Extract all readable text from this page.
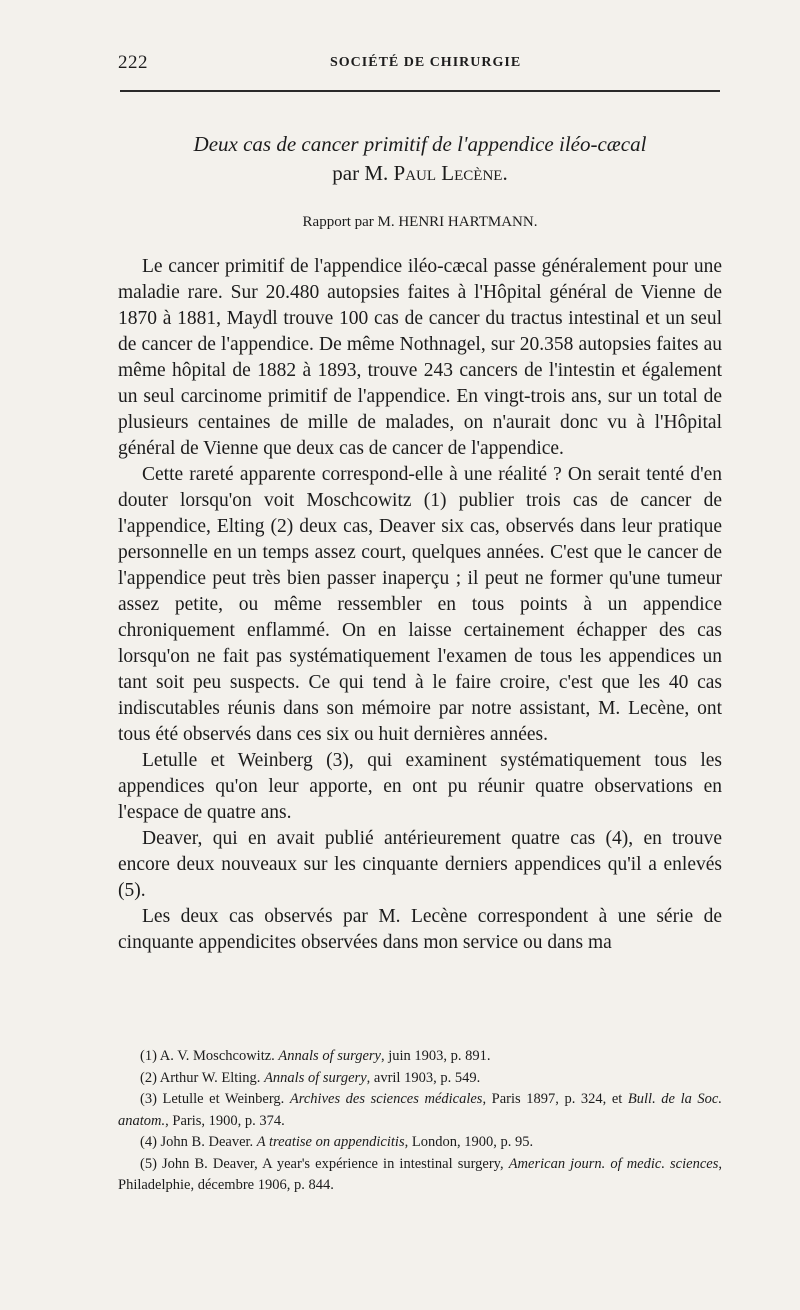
222	SOCIÉTÉ DE CHIRURGIE
Deux cas de cancer primitif de l'appendice iléo-cæcal

par M. Paul Lecène.

Rapport par M. HENRI HARTMANN.

Le cancer primitif de l'appendice iléo-cæcal passe généralement pour une maladie rare. Sur 20.480 autopsies faites à l'Hôpital général de Vienne de 1870 à 1881, Maydl trouve 100 cas de cancer du tractus intestinal et un seul de cancer de l'appendice. De même Nothnagel, sur 20.358 autopsies faites au même hôpital de 1882 à 1893, trouve 243 cancers de l'intestin et également un seul carcinome primitif de l'appendice. En vingt-trois ans, sur un total de plusieurs centaines de mille de malades, on n'aurait donc vu à l'Hôpital général de Vienne que deux cas de cancer de l'appendice.

Cette rareté apparente correspond-elle à une réalité ? On serait tenté d'en douter lorsqu'on voit Moschcowitz (1) publier trois cas de cancer de l'appendice, Elting (2) deux cas, Deaver six cas, observés dans leur pratique personnelle en un temps assez court, quelques années. C'est que le cancer de l'appendice peut très bien passer inaperçu ; il peut ne former qu'une tumeur assez petite, ou même ressembler en tous points à un appendice chroniquement enflammé. On en laisse certainement échapper des cas lorsqu'on ne fait pas systématiquement l'examen de tous les appendices un tant soit peu suspects. Ce qui tend à le faire croire, c'est que les 40 cas indiscutables réunis dans son mémoire par notre assistant, M. Lecène, ont tous été observés dans ces six ou huit dernières années.

Letulle et Weinberg (3), qui examinent systématiquement tous les appendices qu'on leur apporte, en ont pu réunir quatre observations en l'espace de quatre ans.

Deaver, qui en avait publié antérieurement quatre cas (4), en trouve encore deux nouveaux sur les cinquante derniers appendices qu'il a enlevés (5).

Les deux cas observés par M. Lecène correspondent à une série de cinquante appendicites observées dans mon service ou dans ma

(1) A. V. Moschcowitz. Annals of surgery, juin 1903, p. 891.

(2) Arthur W. Elting. Annals of surgery, avril 1903, p. 549.

(3) Letulle et Weinberg. Archives des sciences médicales, Paris 1897, p. 324, et Bull. de la Soc. anatom., Paris, 1900, p. 374.

(4) John B. Deaver. A treatise on appendicitis, London, 1900, p. 95.

(5) John B. Deaver, A year's expérience in intestinal surgery, American journ. of medic. sciences, Philadelphie, décembre 1906, p. 844.
